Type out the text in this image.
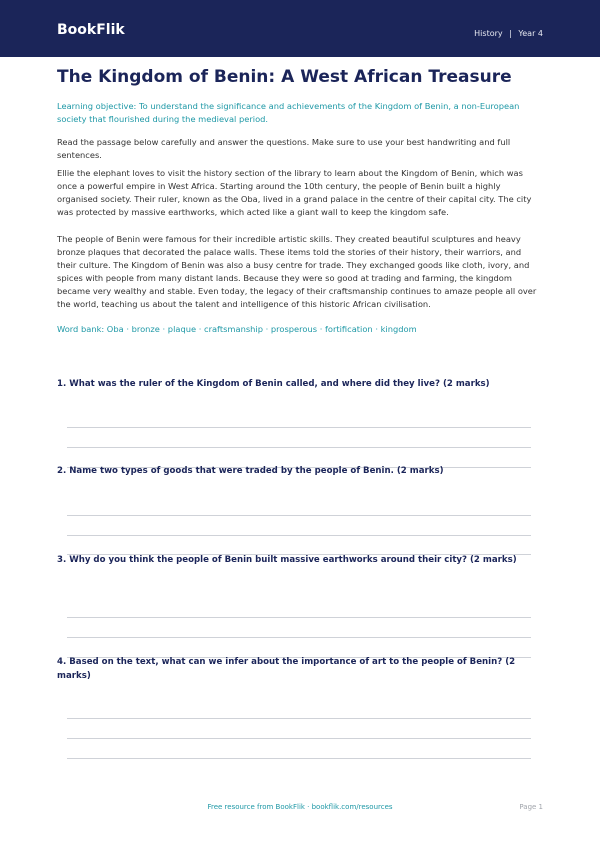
BookFlik	History | Year 4
The Kingdom of Benin: A West African Treasure
Learning objective: To understand the significance and achievements of the Kingdom of Benin, a non-European society that flourished during the medieval period.
Read the passage below carefully and answer the questions. Make sure to use your best handwriting and full sentences.
Ellie the elephant loves to visit the history section of the library to learn about the Kingdom of Benin, which was once a powerful empire in West Africa. Starting around the 10th century, the people of Benin built a highly organised society. Their ruler, known as the Oba, lived in a grand palace in the centre of their capital city. The city was protected by massive earthworks, which acted like a giant wall to keep the kingdom safe.
The people of Benin were famous for their incredible artistic skills. They created beautiful sculptures and heavy bronze plaques that decorated the palace walls. These items told the stories of their history, their warriors, and their culture. The Kingdom of Benin was also a busy centre for trade. They exchanged goods like cloth, ivory, and spices with people from many distant lands. Because they were so good at trading and farming, the kingdom became very wealthy and stable. Even today, the legacy of their craftsmanship continues to amaze people all over the world, teaching us about the talent and intelligence of this historic African civilisation.
Word bank: Oba · bronze · plaque · craftsmanship · prosperous · fortification · kingdom
1. What was the ruler of the Kingdom of Benin called, and where did they live? (2 marks)
2. Name two types of goods that were traded by the people of Benin. (2 marks)
3. Why do you think the people of Benin built massive earthworks around their city? (2 marks)
4. Based on the text, what can we infer about the importance of art to the people of Benin? (2 marks)
Free resource from BookFlik · bookflik.com/resources	Page 1
